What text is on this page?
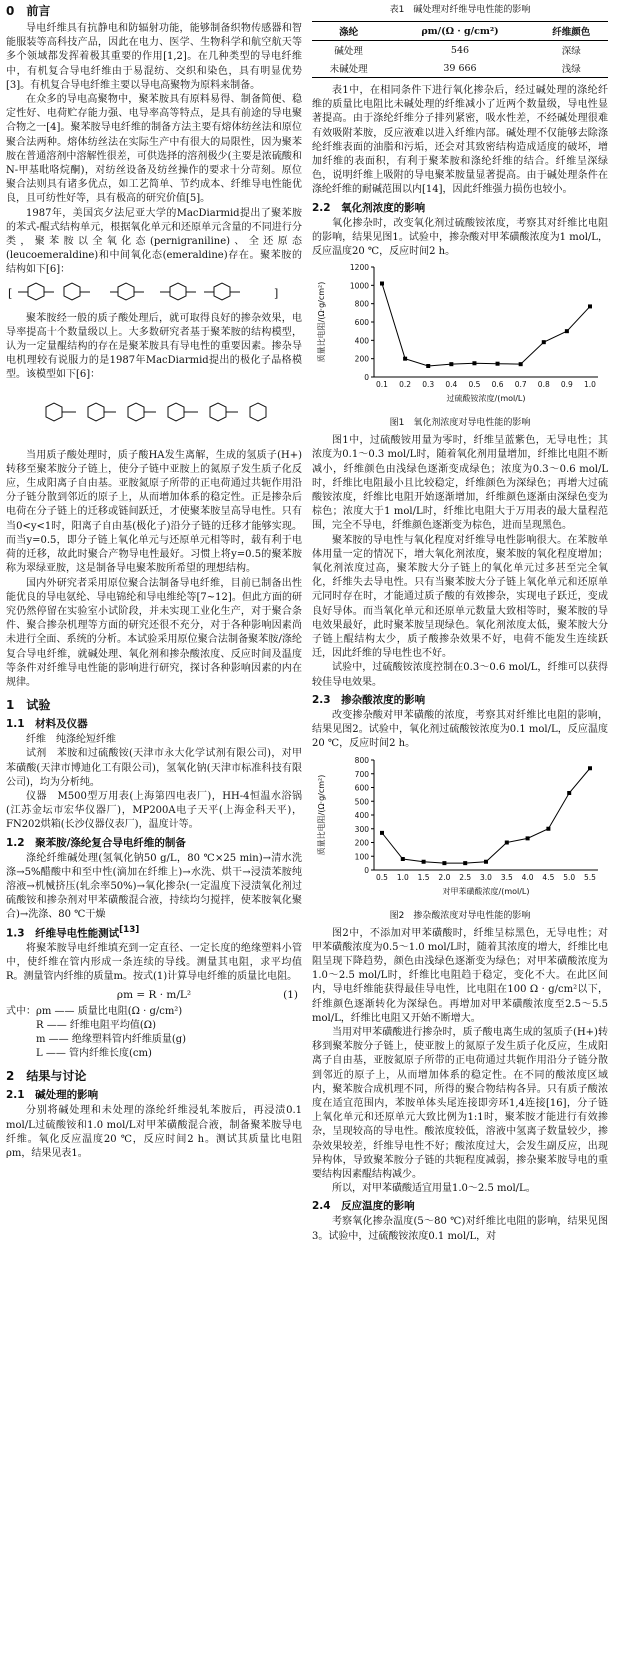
0　前言

导电纤维具有抗静电和防辐射功能，能够制备织物传感器和智能服装等高科技产品，因此在电力、医学、生物科学和航空航天等多个领域都发挥着极其重要的作用[1,2]。在几种类型的导电纤维中，有机复合导电纤维由于易混纺、交织和染色，具有明显优势[3]。有机复合导电纤维主要以导电高聚物为原料来制备。

在众多的导电高聚物中，聚苯胺具有原料易得、制备简便、稳定性好、电荷贮存能力强、电导率高等特点，是具有前途的导电聚合物之一[4]。聚苯胺导电纤维的制备方法主要有熔体纺丝法和原位聚合法两种。熔体纺丝法在实际生产中有很大的局限性，因为聚苯胺在普通溶剂中溶解性很差，可供选择的溶剂极少(主要是浓硫酸和N-甲基吡咯烷酮)，对纺丝设备及纺丝操作的要求十分苛刻。原位聚合法则具有诸多优点，如工艺简单、节约成本、纤维导电性能优良，且可纺性好等，具有极高的研究价值[5]。

1987年，美国宾夕法尼亚大学的MacDiarmid提出了聚苯胺的苯式-醌式结构单元，根据氧化单元和还原单元含量的不同进行分类，聚苯胺以全氧化态(pernigraniline)、全还原态(leucoemeraldine)和中间氧化态(emeraldine)存在。聚苯胺的结构如下[6]：

[	]

聚苯胺经一般的质子酸处理后，就可取得良好的掺杂效果，电导率提高十个数量级以上。大多数研究者基于聚苯胺的结构模型，认为一定量醌结构的存在是聚苯胺具有导电性的重要因素。掺杂导电机理较有说服力的是1987年MacDiarmid提出的极化子晶格模型。该模型如下[6]：

当用质子酸处理时，质子酸HA发生离解，生成的氢质子(H+)转移至聚苯胺分子链上，使分子链中亚胺上的氮原子发生质子化反应，生成阳离子自由基。亚胺氮原子所带的正电荷通过共轭作用沿分子链分散到邻近的原子上，从而增加体系的稳定性。正是掺杂后电荷在分子链上的迁移或链间跃迁，才使聚苯胺呈高导电性。只有当0<y<1时，阳离子自由基(极化子)沿分子链的迁移才能够实现。而当y=0.5，即分子链上氧化单元与还原单元相等时，载有利于电荷的迁移，故此时聚合产物导电性最好。习惯上将y=0.5的聚苯胺称为翠绿亚胺，这是制备导电聚苯胺所希望的理想结构。

国内外研究者采用原位聚合法制备导电纤维，目前已制备出性能优良的导电氨纶、导电锦纶和导电维纶等[7~12]。但此方面的研究仍然停留在实验室小试阶段，并未实现工业化生产，对于聚合条件、聚合掺杂机理等方面的研究还很不充分，对于各种影响因素尚未进行全面、系统的分析。本试验采用原位聚合法制备聚苯胺/涤纶复合导电纤维，就碱处理、氧化剂和掺杂酸浓度、反应时间及温度等条件对纤维导电性能的影响进行研究，探讨各种影响因素的内在规律。

1　试验
1.1　材料及仪器

纤维　纯涤纶短纤维

试剂　苯胺和过硫酸铵(天津市永大化学试剂有限公司)，对甲苯磺酸(天津市博迪化工有限公司)，氢氧化钠(天津市标准科技有限公司)，均为分析纯。

仪器　M500型万用表(上海第四电表厂)，HH-4恒温水浴锅(江苏金坛市宏华仪器厂)，MP200A电子天平(上海金科天平)，FN202烘箱(长沙仪器仪表厂)，温度计等。

1.2　聚苯胺/涤纶复合导电纤维的制备

涤纶纤维碱处理(氢氧化钠50 g/L，80 ℃×25 min)→清水洗涤→5%醋酸中和至中性(滴加在纤维上)→水洗、烘干→浸渍苯胺纯溶液→机械挤压(轧余率50%)→氧化掺杂(一定温度下浸渍氧化剂过硫酸铵和掺杂剂对甲苯磺酸混合液，持续均匀搅拌，使苯胺氧化聚合)→洗涤、80 ℃干燥

1.3　纤维导电性能测试[13]

将聚苯胺导电纤维填充到一定直径、一定长度的绝缘塑料小管中，使纤维在管内形成一条连续的导线。测量其电阻，求平均值R。测量管内纤维的质量m。按式(1)计算导电纤维的质量比电阻。

ρm = R · m/L²	(1)

式中：ρm —— 质量比电阻(Ω · g/cm²)

R —— 纤维电阻平均值(Ω)
m —— 绝缘塑料管内纤维质量(g)
L —— 管内纤维长度(cm)
2　结果与讨论
2.1　碱处理的影响

分别将碱处理和未处理的涤纶纤维浸轧苯胺后，再浸渍0.1 mol/L过硫酸铵和1.0 mol/L对甲苯磺酸混合液，制备聚苯胺导电纤维。氧化反应温度20 ℃，反应时间2 h。测试其质量比电阻ρm，结果见表1。

表1　碱处理对纤维导电性能的影响
涤纶	ρm/(Ω · g/cm²)	纤维颜色
碱处理	546	深绿
未碱处理	39 666	浅绿

表1中，在相同条件下进行氧化掺杂后，经过碱处理的涤纶纤维的质量比电阻比未碱处理的纤维减小了近两个数量级，导电性显著提高。由于涤纶纤维分子排列紧密，吸水性差，不经碱处理很难有效吸附苯胺，反应液难以进入纤维内部。碱处理不仅能够去除涤纶纤维表面的油脂和污垢，还会对其致密结构造成适度的破坏，增加纤维的表面积，有利于聚苯胺和涤纶纤维的结合。纤维呈深绿色，说明纤维上吸附的导电聚苯胺量显著提高。由于碱处理条件在涤纶纤维的耐碱范围以内[14]，因此纤维强力损伤也较小。

2.2　氧化剂浓度的影响

氧化掺杂时，改变氧化剂过硫酸铵浓度，考察其对纤维比电阻的影响，结果见图1。试验中，掺杂酸对甲苯磺酸浓度为1 mol/L，反应温度20 ℃，反应时间2 h。

0
200
400
600
800
1000
1200
0.1 0.2 0.3 0.4 0.5 0.6 0.7 0.8 0.9 1.0
过硫酸铵浓度/(mol/L)
质量比电阻/(Ω·g/cm²)
图1　氧化剂浓度对导电性能的影响

图1中，过硫酸铵用量为零时，纤维呈蓝紫色，无导电性；其浓度为0.1～0.3 mol/L时，随着氧化剂用量增加，纤维比电阻不断减小，纤维颜色由浅绿色逐渐变成绿色；浓度为0.3～0.6 mol/L时，纤维比电阻最小且比较稳定，纤维颜色为深绿色；再增大过硫酸铵浓度，纤维比电阻开始逐渐增加，纤维颜色逐渐由深绿色变为棕色；浓度大于1 mol/L时，纤维比电阻大于万用表的最大量程范围，完全不导电，纤维颜色逐渐变为棕色，进而呈现黑色。

聚苯胺的导电性与氧化程度对纤维导电性影响很大。在苯胺单体用量一定的情况下，增大氧化剂浓度，聚苯胺的氧化程度增加；氧化剂浓度过高，聚苯胺大分子链上的氧化单元过多甚至完全氧化，纤维失去导电性。只有当聚苯胺大分子链上氧化单元和还原单元同时存在时，才能通过质子酸的有效掺杂，实现电子跃迁，变成良好导体。而当氧化单元和还原单元数量大致相等时，聚苯胺的导电效果最好，此时聚苯胺呈现绿色。氧化剂浓度太低，聚苯胺大分子链上醌结构太少，质子酸掺杂效果不好，电荷不能发生连续跃迁，因此纤维的导电性也不好。

试验中，过硫酸铵浓度控制在0.3～0.6 mol/L，纤维可以获得较佳导电效果。

2.3　掺杂酸浓度的影响

改变掺杂酸对甲苯磺酸的浓度，考察其对纤维比电阻的影响，结果见图2。试验中，氧化剂过硫酸铵浓度为0.1 mol/L，反应温度20 ℃，反应时间2 h。

0
100
200
300
400
500
600
700
800
0.5 1.0 1.5 2.0 2.5 3.0 3.5 4.0 4.5 5.0 5.5
对甲苯磺酸浓度/(mol/L)
质量比电阻/(Ω·g/cm²)
图2　掺杂酸浓度对导电性能的影响

图2中，不添加对甲苯磺酸时，纤维呈棕黑色，无导电性；对甲苯磺酸浓度为0.5～1.0 mol/L时，随着其浓度的增大，纤维比电阻呈现下降趋势，颜色由浅绿色逐渐变为绿色；对甲苯磺酸浓度为1.0～2.5 mol/L时，纤维比电阻趋于稳定，变化不大。在此区间内，导电纤维能获得最佳导电性，比电阻在100 Ω · g/cm²以下，纤维颜色逐渐转化为深绿色。再增加对甲苯磺酸浓度至2.5～5.5 mol/L，纤维比电阻又开始不断增大。

当用对甲苯磺酸进行掺杂时，质子酸电离生成的氢质子(H+)转移到聚苯胺分子链上，使亚胺上的氮原子发生质子化反应，生成阳离子自由基，亚胺氮原子所带的正电荷通过共轭作用沿分子链分散到邻近的原子上，从而增加体系的稳定性。在不同的酸浓度区域内，聚苯胺合成机理不同，所得的聚合物结构各异。只有质子酸浓度在适宜范围内，苯胺单体头尾连接即旁环1,4连接[16]，分子链上氧化单元和还原单元大致比例为1:1时，聚苯胺才能进行有效掺杂，呈现较高的导电性。酸浓度较低，溶液中氢离子数量较少，掺杂效果较差，纤维导电性不好；酸浓度过大，会发生副反应，出现异构体，导致聚苯胺分子链的共轭程度减弱，掺杂聚苯胺导电的重要结构因素醌结构减少。

所以，对甲苯磺酸适宜用量1.0～2.5 mol/L。

2.4　反应温度的影响

考察氧化掺杂温度(5～80 ℃)对纤维比电阻的影响，结果见图3。试验中，过硫酸铵浓度0.1 mol/L，对
